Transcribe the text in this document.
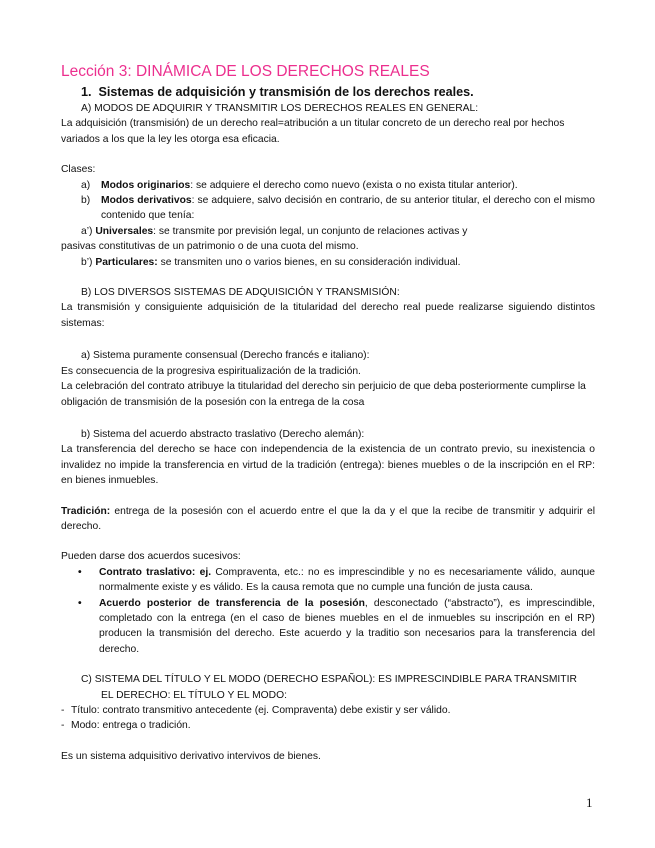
Lección 3: DINÁMICA DE LOS DERECHOS REALES
1. Sistemas de adquisición y transmisión de los derechos reales.

A) MODOS DE ADQUIRIR Y TRANSMITIR LOS DERECHOS REALES EN GENERAL:

La adquisición (transmisión) de un derecho real=atribución a un titular concreto de un derecho real por hechos variados a los que la ley les otorga esa eficacia.

Clases:

a) Modos originarios: se adquiere el derecho como nuevo (exista o no exista titular anterior).

b) Modos derivativos: se adquiere, salvo decisión en contrario, de su anterior titular, el derecho con el mismo contenido que tenía:

a’) Universales: se transmite por previsión legal, un conjunto de relaciones activas y

pasivas constitutivas de un patrimonio o de una cuota del mismo.

b’) Particulares: se transmiten uno o varios bienes, en su consideración individual.

B) LOS DIVERSOS SISTEMAS DE ADQUISICIÓN Y TRANSMISIÓN:

La transmisión y consiguiente adquisición de la titularidad del derecho real puede realizarse siguiendo distintos sistemas:

a) Sistema puramente consensual (Derecho francés e italiano):

Es consecuencia de la progresiva espiritualización de la tradición.

La celebración del contrato atribuye la titularidad del derecho sin perjuicio de que deba posteriormente cumplirse la obligación de transmisión de la posesión con la entrega de la cosa

b) Sistema del acuerdo abstracto traslativo (Derecho alemán):

La transferencia del derecho se hace con independencia de la existencia de un contrato previo, su inexistencia o invalidez no impide la transferencia en virtud de la tradición (entrega): bienes muebles o de la inscripción en el RP: en bienes inmuebles.

Tradición: entrega de la posesión con el acuerdo entre el que la da y el que la recibe de transmitir y adquirir el derecho.

Pueden darse dos acuerdos sucesivos:

• Contrato traslativo: ej. Compraventa, etc.: no es imprescindible y no es necesariamente válido, aunque normalmente existe y es válido. Es la causa remota que no cumple una función de justa causa.

• Acuerdo posterior de transferencia de la posesión, desconectado (“abstracto”), es imprescindible, completado con la entrega (en el caso de bienes muebles en el de inmuebles su inscripción en el RP) producen la transmisión del derecho. Este acuerdo y la traditio son necesarios para la transferencia del derecho.

C) SISTEMA DEL TÍTULO Y EL MODO (DERECHO ESPAÑOL): ES IMPRESCINDIBLE PARA TRANSMITIR
EL DERECHO: EL TÍTULO Y EL MODO:

- Título: contrato transmitivo antecedente (ej. Compraventa) debe existir y ser válido.

- Modo: entrega o tradición.

Es un sistema adquisitivo derivativo intervivos de bienes.

1
